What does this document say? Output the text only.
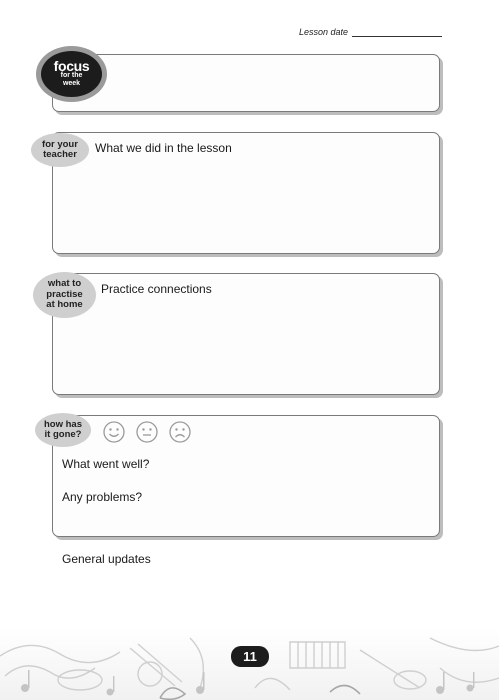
Lesson date
focus
for the
week
What we did in the lesson
for your
teacher
Practice connections
what to
practise
at home
What went well?
Any problems?
how has
it gone?
General updates
11
